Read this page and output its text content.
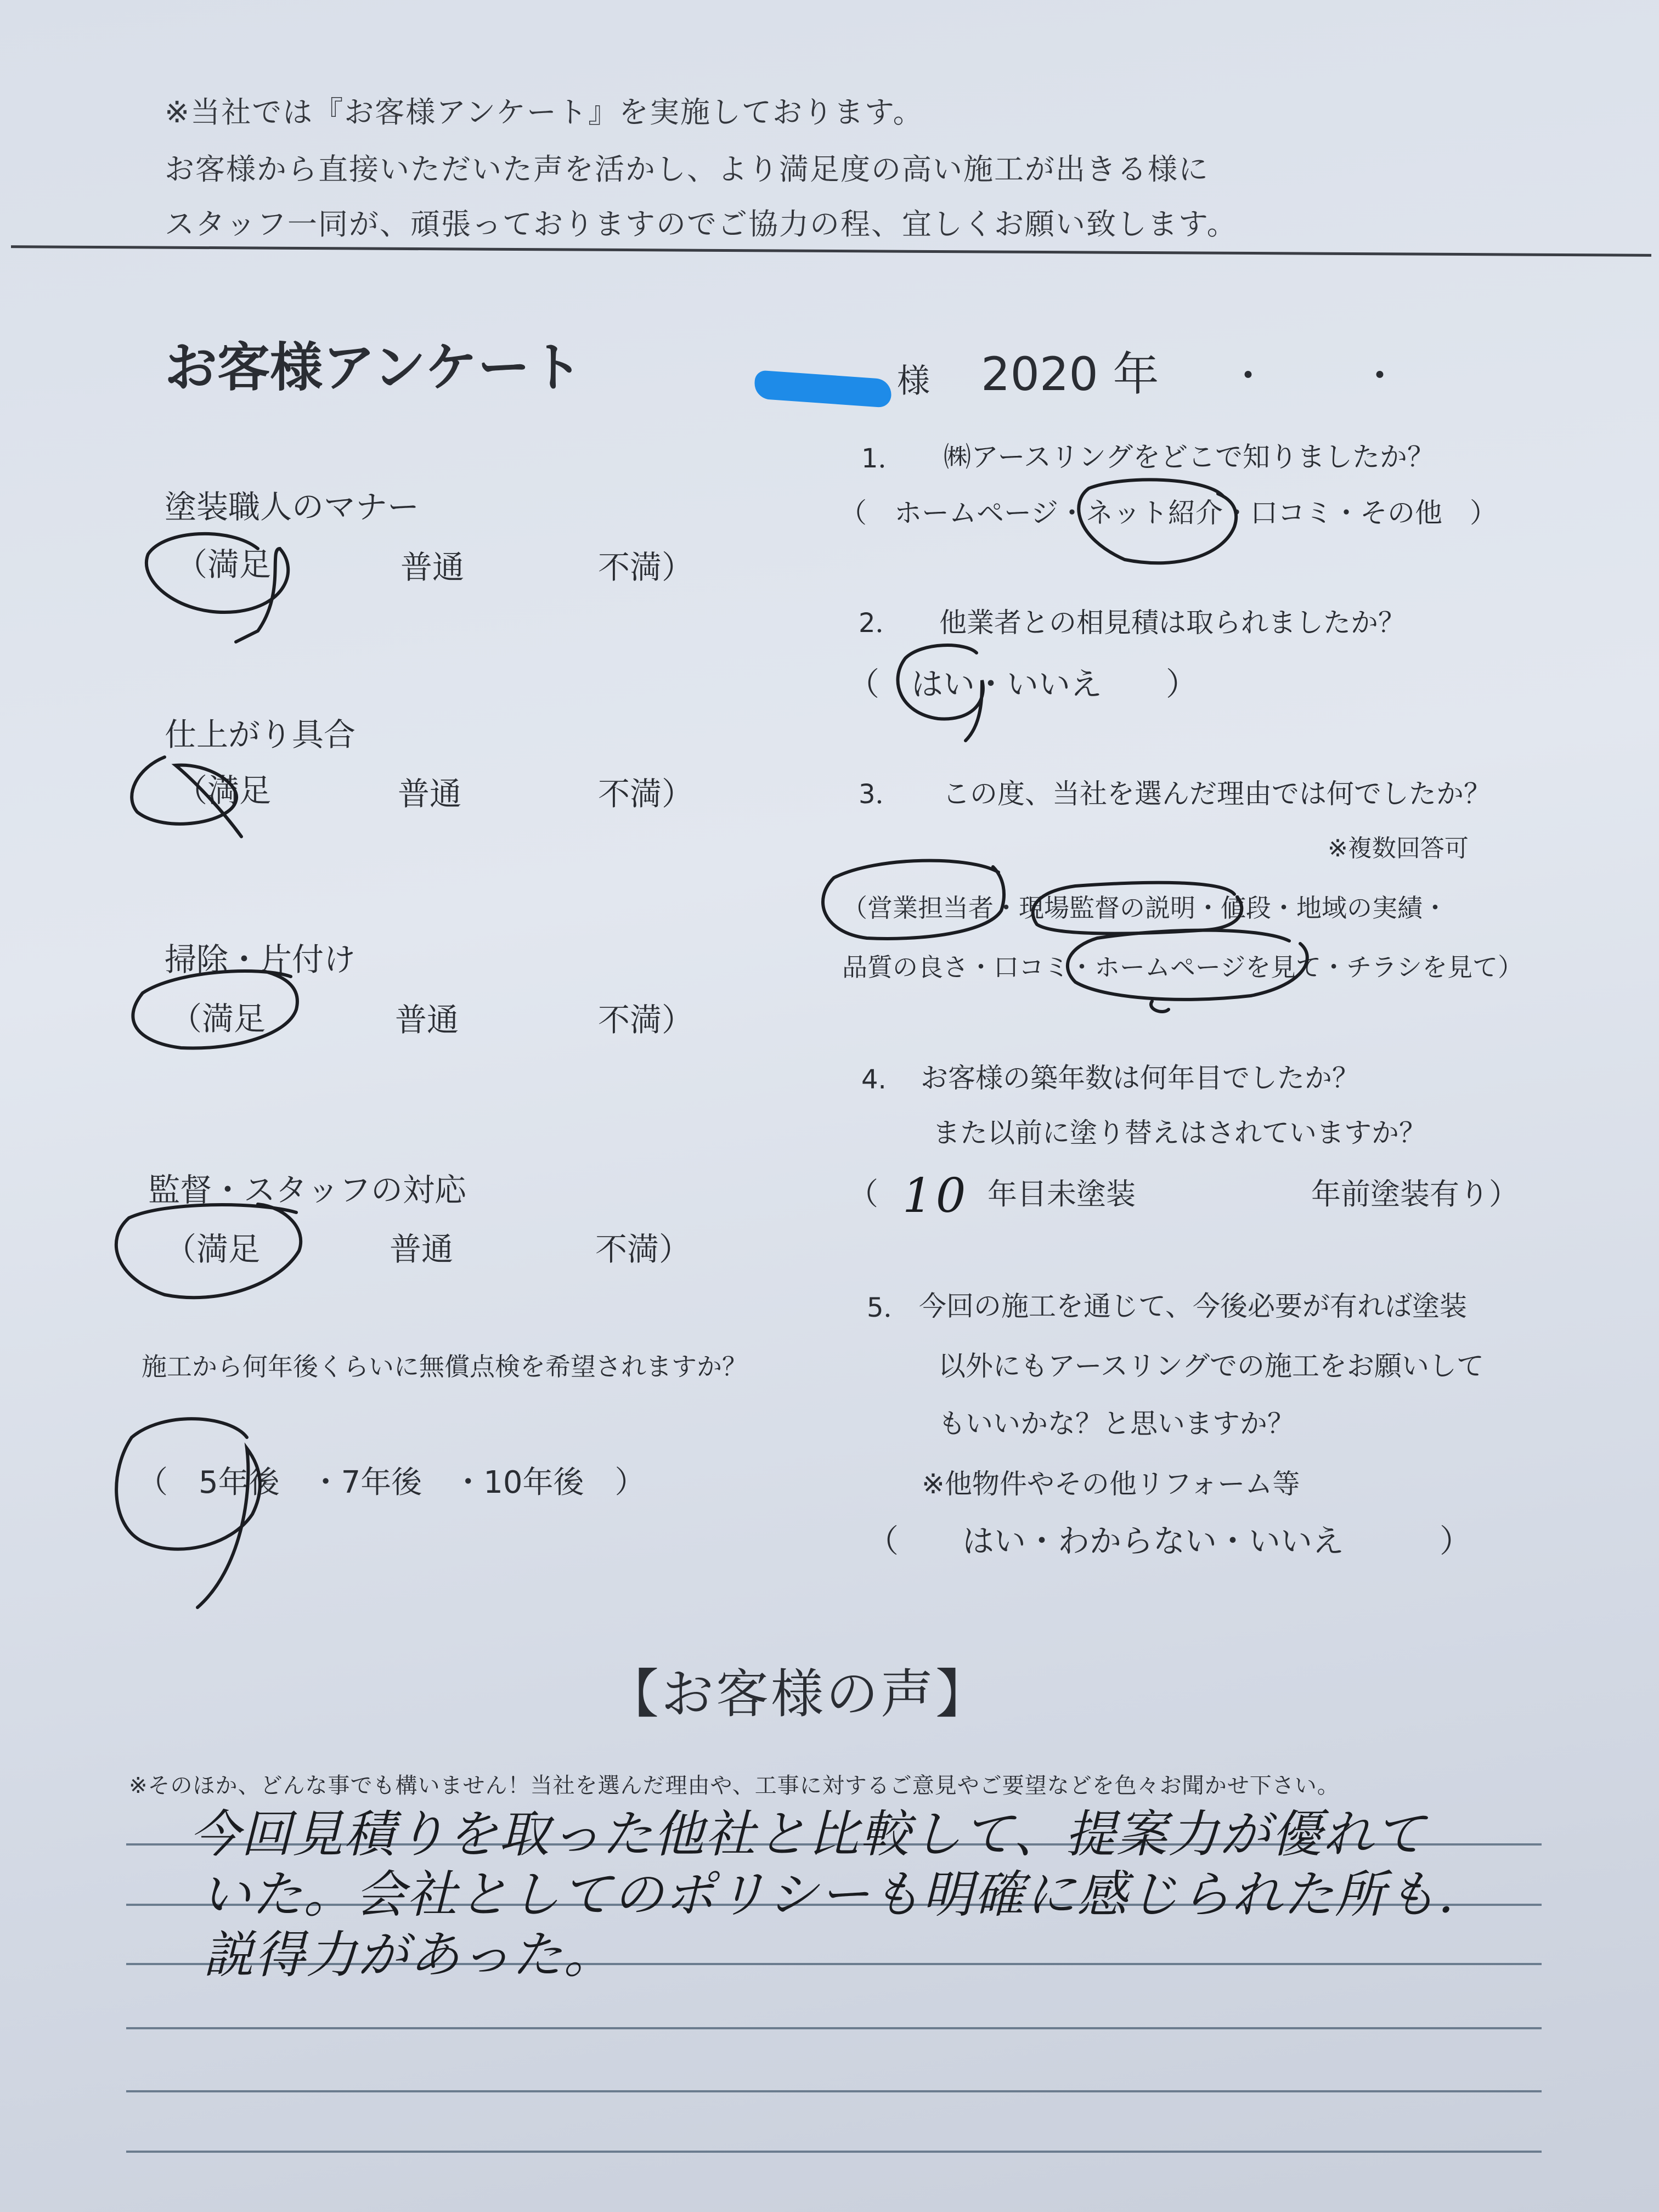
※当社では『お客様アンケート』を実施しております。
お客様から直接いただいた声を活かし、より満足度の高い施工が出きる様に
スタッフ一同が、頑張っておりますのでご協力の程、宜しくお願い致します。
お客様アンケート	様 2020 年 ・・
塗装職人のマナー
（満足	普通	不満）
仕上がり具合
（満足	普通	不満）
掃除・片付け
（満足	普通	不満）
監督・スタッフの対応
（満足	普通	不満）
施工から何年後くらいに無償点検を希望されますか？
（　5年後　・7年後　・10年後　）
1． ㈱アースリングをどこで知りましたか？
（　ホームページ・ネット紹介・口コミ・その他　）
2． 他業者との相見積は取られましたか？
（　はい・いいえ　　）
3． この度、当社を選んだ理由では何でしたか？
※複数回答可
（営業担当者・現場監督の説明・値段・地域の実績・
品質の良さ・口コミ・ホームページを見て・チラシを見て）
4. お客様の築年数は何年目でしたか？
また以前に塗り替えはされていますか？
（ 10 年目未塗装	年前塗装有り）
5． 今回の施工を通じて、今後必要が有れば塗装
以外にもアースリングでの施工をお願いして
もいいかな？と思いますか？
※他物件やその他リフォーム等
（　　はい・わからない・いいえ　　　）
【お客様の声】
※そのほか、どんな事でも構いません！当社を選んだ理由や、工事に対するご意見やご要望などを色々お聞かせ下さい。
今回見積りを取った他社と比較して、提案力が優れて
いた。会社としてのポリシーも明確に感じられた所も.
説得力があった。
